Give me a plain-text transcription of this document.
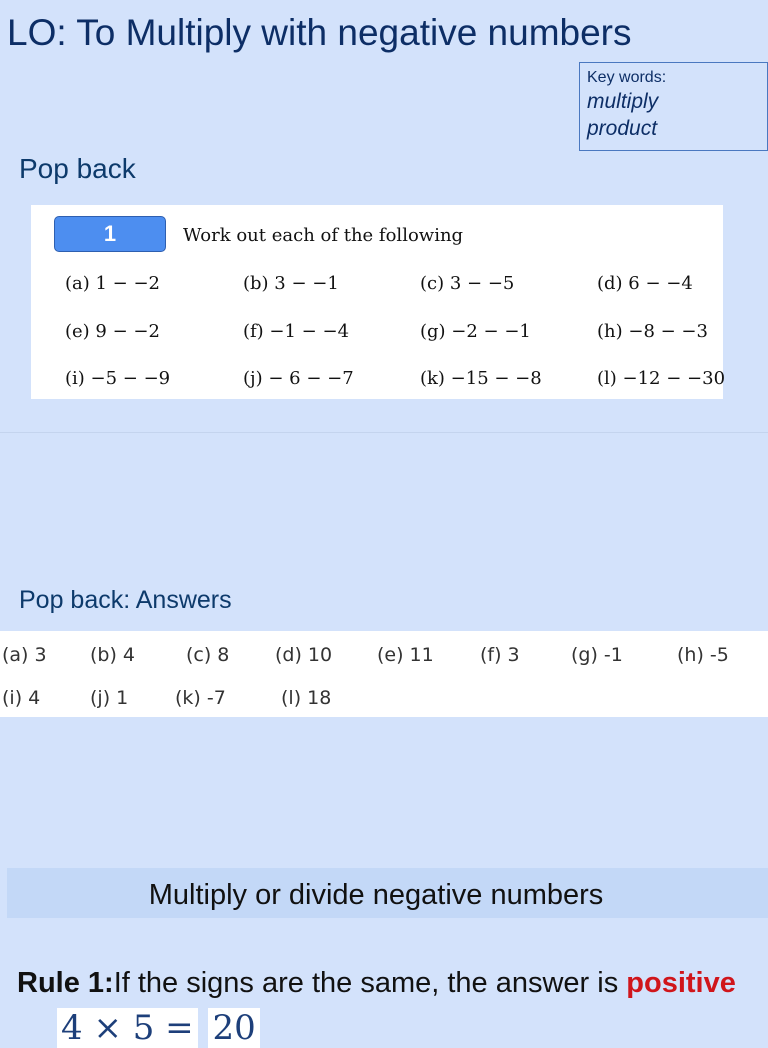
LO: To Multiply with negative numbers
Key words:
multiply
product
Pop back
1	Work out each of the following
(a) 1 − −2	(b) 3 − −1	(c) 3 − −5	(d) 6 − −4
(e) 9 − −2	(f) −1 − −4	(g) −2 − −1	(h) −8 − −3
(i) −5 − −9	(j) − 6 − −7	(k) −15 − −8	(l) −12 − −30
Pop back: Answers
(a) 3 (b) 4	(c) 8 (d) 10 (e) 11 (f) 3	(g) -1	(h) -5
(i) 4	(j) 1 (k) -7	(l) 18
Multiply or divide negative numbers
Rule 1:If the signs are the same, the answer is positive
4 × 5 = 20
